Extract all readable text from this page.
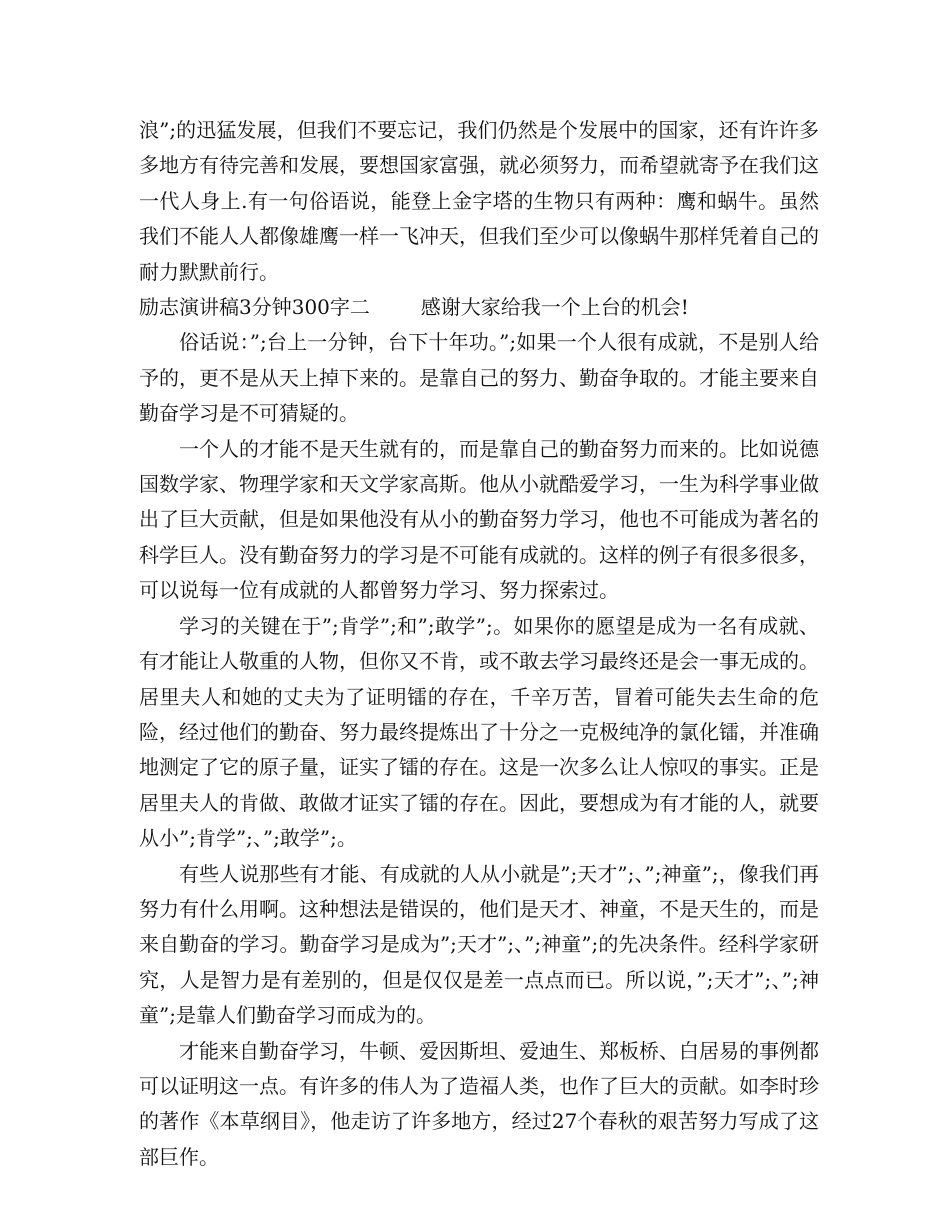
浪”;的迅猛发展，但我们不要忘记，我们仍然是个发展中的国家，还有许许多多地方有待完善和发展，要想国家富强，就必须努力，而希望就寄予在我们这一代人身上.有一句俗语说，能登上金字塔的生物只有两种：鹰和蜗牛。虽然我们不能人人都像雄鹰一样一飞冲天，但我们至少可以像蜗牛那样凭着自己的耐力默默前行。

励志演讲稿3分钟300字二	感谢大家给我一个上台的机会!

俗话说：”;台上一分钟，台下十年功。”;如果一个人很有成就，不是别人给予的，更不是从天上掉下来的。是靠自己的努力、勤奋争取的。才能主要来自勤奋学习是不可猜疑的。

一个人的才能不是天生就有的，而是靠自己的勤奋努力而来的。比如说德国数学家、物理学家和天文学家高斯。他从小就酷爱学习，一生为科学事业做出了巨大贡献，但是如果他没有从小的勤奋努力学习，他也不可能成为著名的科学巨人。没有勤奋努力的学习是不可能有成就的。这样的例子有很多很多，可以说每一位有成就的人都曾努力学习、努力探索过。

学习的关键在于”;肯学”;和”;敢学”;。如果你的愿望是成为一名有成就、有才能让人敬重的人物，但你又不肯，或不敢去学习最终还是会一事无成的。居里夫人和她的丈夫为了证明镭的存在，千辛万苦，冒着可能失去生命的危险，经过他们的勤奋、努力最终提炼出了十分之一克极纯净的氯化镭，并准确地测定了它的原子量，证实了镭的存在。这是一次多么让人惊叹的事实。正是居里夫人的肯做、敢做才证实了镭的存在。因此，要想成为有才能的人，就要从小”;肯学”;、”;敢学”;。

有些人说那些有才能、有成就的人从小就是”;天才”;、”;神童”;，像我们再努力有什么用啊。这种想法是错误的，他们是天才、神童，不是天生的，而是来自勤奋的学习。勤奋学习是成为”;天才”;、”;神童”;的先决条件。经科学家研究，人是智力是有差别的，但是仅仅是差一点点而已。所以说，”;天才”;、”;神童”;是靠人们勤奋学习而成为的。

才能来自勤奋学习，牛顿、爱因斯坦、爱迪生、郑板桥、白居易的事例都可以证明这一点。有许多的伟人为了造福人类，也作了巨大的贡献。如李时珍的著作《本草纲目》，他走访了许多地方，经过27个春秋的艰苦努力写成了这部巨作。
